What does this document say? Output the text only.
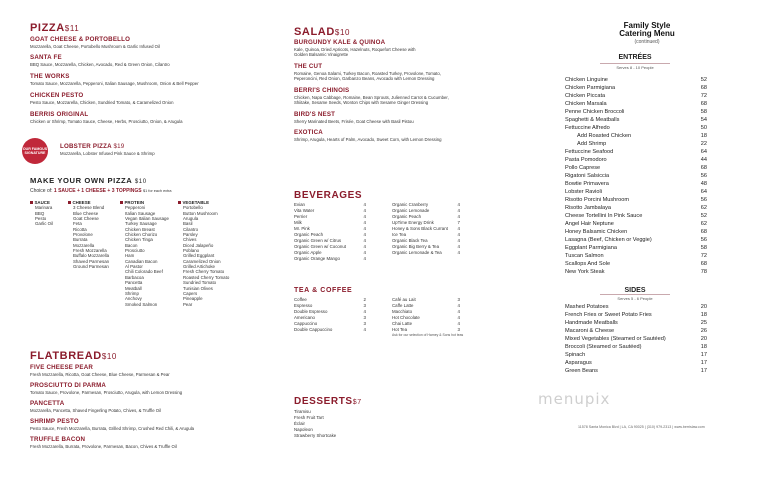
PIZZA$11
GOAT CHEESE & PORTOBELLO
Mozzarella, Goat Cheese, Portobello Mushroom & Garlic Infused Oil
SANTA FE
BBQ Sauce, Mozzarella, Chicken, Avocado, Red & Green Onion, Cilantro
THE WORKS
Tomato Sauce, Mozzarella, Pepperoni, Italian Sausage, Mushroom, Onion & Bell Pepper
CHICKEN PESTO
Pesto Sauce, Mozzarella, Chicken, Sundried Tomato, & Caramelized Onion
BERRIS ORIGINAL
Chicken or Shrimp, Tomato Sauce, Cheese, Herbs, Prosciutto, Onion, & Arugula
OUR FAMOUS SIGNATURE
LOBSTER PIZZA $19
Mozzarella, Lobster Infused Pink Sauce & Shrimp
MAKE YOUR OWN PIZZA $10
Choice of: 1 SAUCE + 1 CHEESE + 3 TOPPINGS $1 for each extra
SAUCE
Marinara
BBQ
Pesto
Garlic Oil
CHEESE
3 Cheese Blend
Blue Cheese
Goat Cheese
Feta
Ricotta
Provolone
Burrata
Mozzarella
Fresh Mozzarella
Buffalo Mozzarella
Shaved Parmesan
Ground Parmesan
PROTEIN
Pepperoni
Italian Sausage
Vegan Italian Sausage
Turkey Sausage
Chicken Breast
Chicken Chorizo
Chicken Tinga
Bacon
Prosciutto
Ham
Canadian Bacon
Al Pastor
Chili Colorado Beef
Barbacoa
Pancetta
Meatball
Shrimp
Anchovy
Smoked Salmon
VEGETABLE
Portobello
Button Mushroom
Arugula
Basil
Cilantro
Parsley
Chives
Diced Jalapeño
Poblano
Grilled Eggplant
Caramelized Onion
Grilled Artichoke
Fresh Cherry Tomato
Roasted Cherry Tomato
Sundried Tomato
Tunisian Olives
Capers
Pineapple
Pear
FLATBREAD$10
FIVE CHEESE PEAR
Fresh Mozzarella, Ricotta, Goat Cheese, Blue Cheese, Parmesan & Pear
PROSCIUTTO DI PARMA
Tomato Sauce, Provolone, Parmesan, Prosciutto, Arugula, with Lemon Dressing
PANCETTA
Mozzarella, Pancetta, Shaved Fingerling Potato, Chives, & Truffle Oil
SHRIMP PESTO
Pesto Sauce, Fresh Mozzarella, Burrata, Grilled Shrimp, Crushed Red Chili, & Arugula
TRUFFLE BACON
Fresh Mozzarella, Burrata, Provolone, Parmesan, Bacon, Chives & Truffle Oil
SALAD$10
BURGUNDY KALE & QUINOA
Kale, Quinoa, Dried Apricots, Hazelnuts, Roquefort Cheese with
Golden Balsamic Vinaigrette
THE CUT
Romaine, Genoa Salami, Turkey Bacon, Roasted Turkey, Provolone, Tomato,
Peperoncini, Red Onion, Garbanzo Beans, Avocado with Lemon Dressing
BERRI'S CHINOIS
Chicken, Napa Cabbage, Romaine, Bean Sprouts, Julienned Carrot & Cucumber,
Shiitake, Sesame Seeds, Wonton Chips with Sesame Ginger Dressing
BIRD'S NEST
Sherry Marinated Beets, Frisée, Goat Cheese with Basil Pistou
EXOTICA
Shrimp, Arugula, Hearts of Palm, Avocado, Sweet Corn, with Lemon Dressing
BEVERAGES
Evian	4
Vita Water	4
Perrier	4
Milk	4
Mr. Pink	4
Organic Peach	4
Organic Green w/ Citrus	4
Organic Green w/ Coconut	4
Organic Apple	4
Organic Orange Mango	4
Organic Cranberry	4
Organic Lemonade	4
Organic Peach	4
UpTime Energy Drink	7
Honey & Sons Black Currant	4
Ice Tea	4
Organic Black Tea	4
Organic Big Berry & Tea	4
Organic Lemonade & Tea	4
TEA & COFFEE
Coffee	2
Espresso	3
Double Espresso	4
Americano	3
Cappuccino	3
Double Cappuccino	4
Café au Lait	3
Caffe Latte	4
Macchiato	4
Hot Chocolate	4
Chai Latte	4
Hot Tea	3
Ask for our selection of Harney & Sons hot teas
DESSERTS$7
Tiramisu
Fresh Fruit Tart
Éclair
Napoleon
Strawberry Shortcake
Family Style
Catering Menu
(continued)
ENTRÉES
Serves 8 - 10 People
Chicken Linguine	52
Chicken Parmigiana	68
Chicken Piccata	72
Chicken Marsala	68
Penne Chicken Broccoli	58
Spaghetti & Meatballs	54
Fettuccine Alfredo	50
Add Roasted Chicken	18
Add Shrimp	22
Fettuccine Seafood	64
Pasta Pomodoro	44
Pollo Caprese	68
Rigatoni Salsiccia	56
Bowtie Primavera	48
Lobster Ravioli	64
Risotto Porcini Mushroom	56
Risotto Jambalaya	62
Cheese Tortellini In Pink Sauce	52
Angel Hair Neptune	62
Honey Balsamic Chicken	68
Lasagna (Beef, Chicken or Veggie)	56
Eggplant Parmigiana	58
Tuscan Salmon	72
Scallops And Sole	68
New York Steak	78
SIDES
Serves 5 - 6 People
Mashed Potatoes	20
French Fries or Sweet Potato Fries	18
Handmade Meatballs	25
Macaroni & Cheese	26
Mixed Vegetables (Steamed or Sautéed)	20
Broccoli (Steamed or Sautéed)	18
Spinach	17
Asparagus	17
Green Beans	17
11578 Santa Monica Blvd | LA, CA 90025 | (310) 979-2313 | www.berrislaw.com
menupix
